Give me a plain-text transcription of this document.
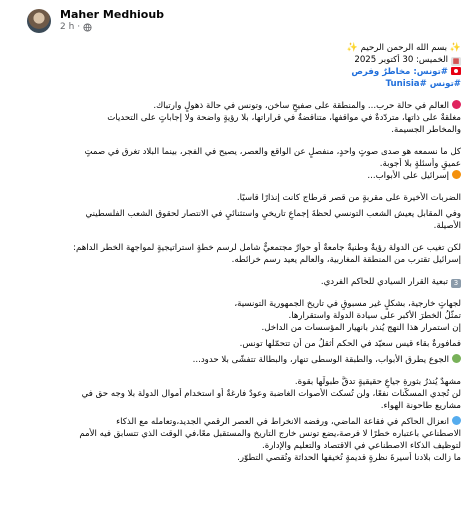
Maher Medhioub
2 h ·
✨ بسم الله الرحمن الرحيم ✨
▦الخميس: 30 أكتوبر 2025
#تونس: مخاطرٌ وفرص
#تونس #Tunisia
العالم في حالة حرب... والمنطقة على صفيحٍ ساخن، وتونس في حالة ذهولٍ وارتباك.
مغلقةٌ على ذاتها، متردّدةٌ في مواقفها، متناقضةٌ في قراراتها، بلا رؤيةٍ واضحة ولا إجاباتٍ على التحديات
والمخاطر الجسيمة.
كل ما نسمعه هو صدى صوتٍ واحدٍ، منفصلٍ عن الواقع والعصر، يصيح في الفجر، بينما البلاد تغرق في صمتٍ
عميقٍ وأسئلةٍ بلا أجوبة.
إسرائيل على الأبواب...
الضربات الأخيرة على مقربةٍ من قصر قرطاج كانت إنذارًا قاسيًا.
وفي المقابل يعيش الشعب التونسي لحظةَ إجماعٍ تاريخيٍ واستثنائيٍ في الانتصار لحقوق الشعب الفلسطيني
الأصيلة.
لكن تغيب عن الدولة رؤيةٌ وطنيةٌ جامعةٌ أو حوارٌ مجتمعيٌّ شامل لرسم خطةٍ استراتيجيةٍ لمواجهة الخطر الداهم:
إسرائيل تقترب من المنطقة المغاربية، والعالم يعيد رسم خرائطه.
3تبعية القرار السيادي للحاكم الفردي.
لجهاتٍ خارجية، بشكلٍ غير مسبوقٍ في تاريخ الجمهورية التونسية،
تمثّلُ الخطرَ الأكبر على سيادة الدولة واستقرارها.
إن استمرار هذا النهج يُنذر بانهيار المؤسسات من الداخل.
فمافورةٌ بقاء قيس سعيّد في الحكم أثقلُ من أن تتحمّلها تونس.
الجوع يطرق الأبواب، والطبقة الوسطى تنهار، والبطالة تتفشّى بلا حدود...
مشهدٌ يُنذرُ بثورةِ جياعٍ حقيقيةٍ تدقُّ طبولَها بقوة.
لن تُجدي المسكّنات نفعًا، ولن تُسكت الأصوات الغاضبة وعودٌ فارغةٌ أو استخدام أموال الدولة بلا وجه حق في
مشاريع طاحونة الهواء.
انعزال الحاكم في فقاعة الماضي، ورفضه الانخراط في العصر الرقمي الجديد،وتعامله مع الذكاء
الاصطناعي باعتباره خطرًا لا فرصة،يضع تونس خارج التاريخ والمستقبل معًا،في الوقت الذي تتسابق فيه الأمم
لتوظيف الذكاء الاصطناعي في الاقتصاد والتعليم والإدارة.
ما زالت بلادنا أسيرةَ نظرةٍ قديمةٍ تُخيفها الحداثة وتُقصي التطوّر.
